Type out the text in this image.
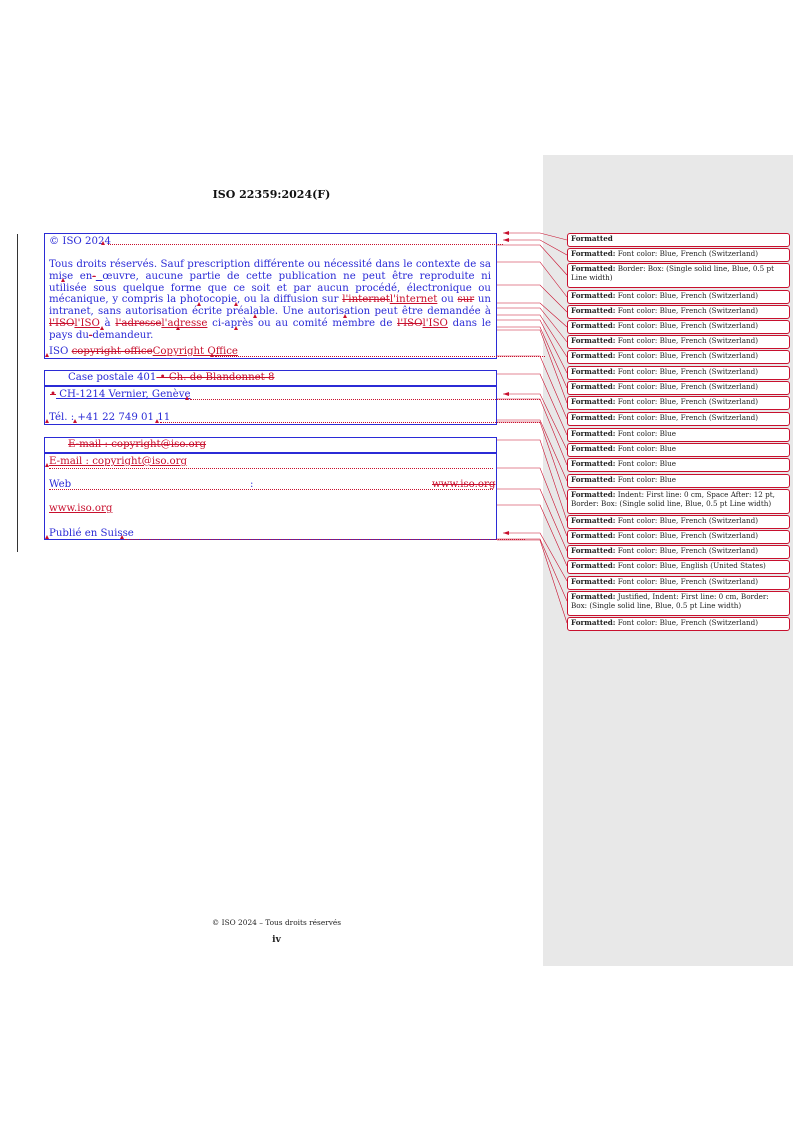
ISO 22359:2024(F)
© ISO 2024
Tous droits réservés. Sauf prescription différente ou nécessité dans le contexte de sa mise en- œuvre, aucune partie de cette publication ne peut être reproduite ni utilisée sous quelque forme que ce soit et par aucun procédé, électronique ou mécanique, y compris la photocopie, ou la diffusion sur l'internetl'internet ou sur un intranet, sans autorisation écrite préalable. Une autorisation peut être demandée à l'ISOl'ISO à l'adressel'adresse ci-après ou au comité membre de l'ISOl'ISO dans le pays du-demandeur.
ISO copyright officeCopyright Office
Case postale 401 • Ch. de Blandonnet 8
• CH-1214 Vernier, Genève
Tél. : +41 22 749 01 11
E-mail : copyright@iso.org
E-mail : copyright@iso.org
Web	:	www.iso.org
www.iso.org
Publié en Suisse
Formatted
Formatted: Font color: Blue, French (Switzerland)
Formatted: Border: Box: (Single solid line, Blue, 0.5 pt Line width)
Formatted: Font color: Blue, French (Switzerland)
Formatted: Font color: Blue, French (Switzerland)
Formatted: Font color: Blue, French (Switzerland)
Formatted: Font color: Blue, French (Switzerland)
Formatted: Font color: Blue, French (Switzerland)
Formatted: Font color: Blue, French (Switzerland)
Formatted: Font color: Blue, French (Switzerland)
Formatted: Font color: Blue, French (Switzerland)
Formatted: Font color: Blue, French (Switzerland)
Formatted: Font color: Blue
Formatted: Font color: Blue
Formatted: Font color: Blue
Formatted: Font color: Blue
Formatted: Indent: First line: 0 cm, Space After: 12 pt, Border: Box: (Single solid line, Blue, 0.5 pt Line width)
Formatted: Font color: Blue, French (Switzerland)
Formatted: Font color: Blue, French (Switzerland)
Formatted: Font color: Blue, French (Switzerland)
Formatted: Font color: Blue, English (United States)
Formatted: Font color: Blue, French (Switzerland)
Formatted: Justified, Indent: First line: 0 cm, Border: Box: (Single solid line, Blue, 0.5 pt Line width)
Formatted: Font color: Blue, French (Switzerland)
© ISO 2024 – Tous droits réservés
iv
